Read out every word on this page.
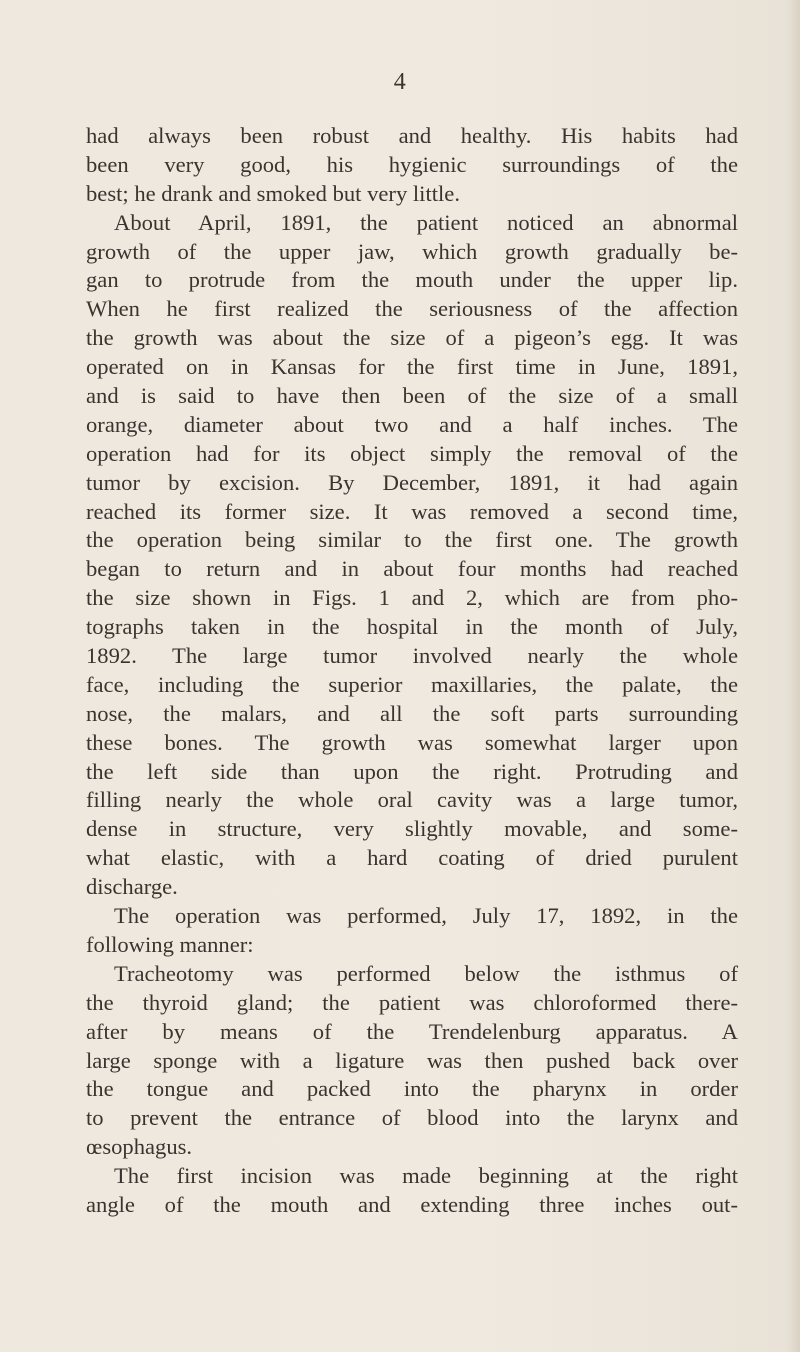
4
had always been robust and healthy. His habits had
been very good, his hygienic surroundings of the
best; he drank and smoked but very little.
About April, 1891, the patient noticed an abnormal
growth of the upper jaw, which growth gradually be-
gan to protrude from the mouth under the upper lip.
When he first realized the seriousness of the affection
the growth was about the size of a pigeon’s egg. It was
operated on in Kansas for the first time in June, 1891,
and is said to have then been of the size of a small
orange, diameter about two and a half inches. The
operation had for its object simply the removal of the
tumor by excision. By December, 1891, it had again
reached its former size. It was removed a second time,
the operation being similar to the first one. The growth
began to return and in about four months had reached
the size shown in Figs. 1 and 2, which are from pho-
tographs taken in the hospital in the month of July,
1892. The large tumor involved nearly the whole
face, including the superior maxillaries, the palate, the
nose, the malars, and all the soft parts surrounding
these bones. The growth was somewhat larger upon
the left side than upon the right. Protruding and
filling nearly the whole oral cavity was a large tumor,
dense in structure, very slightly movable, and some-
what elastic, with a hard coating of dried purulent
discharge.
The operation was performed, July 17, 1892, in the
following manner:
Tracheotomy was performed below the isthmus of
the thyroid gland; the patient was chloroformed there-
after by means of the Trendelenburg apparatus. A
large sponge with a ligature was then pushed back over
the tongue and packed into the pharynx in order
to prevent the entrance of blood into the larynx and
œsophagus.
The first incision was made beginning at the right
angle of the mouth and extending three inches out-
